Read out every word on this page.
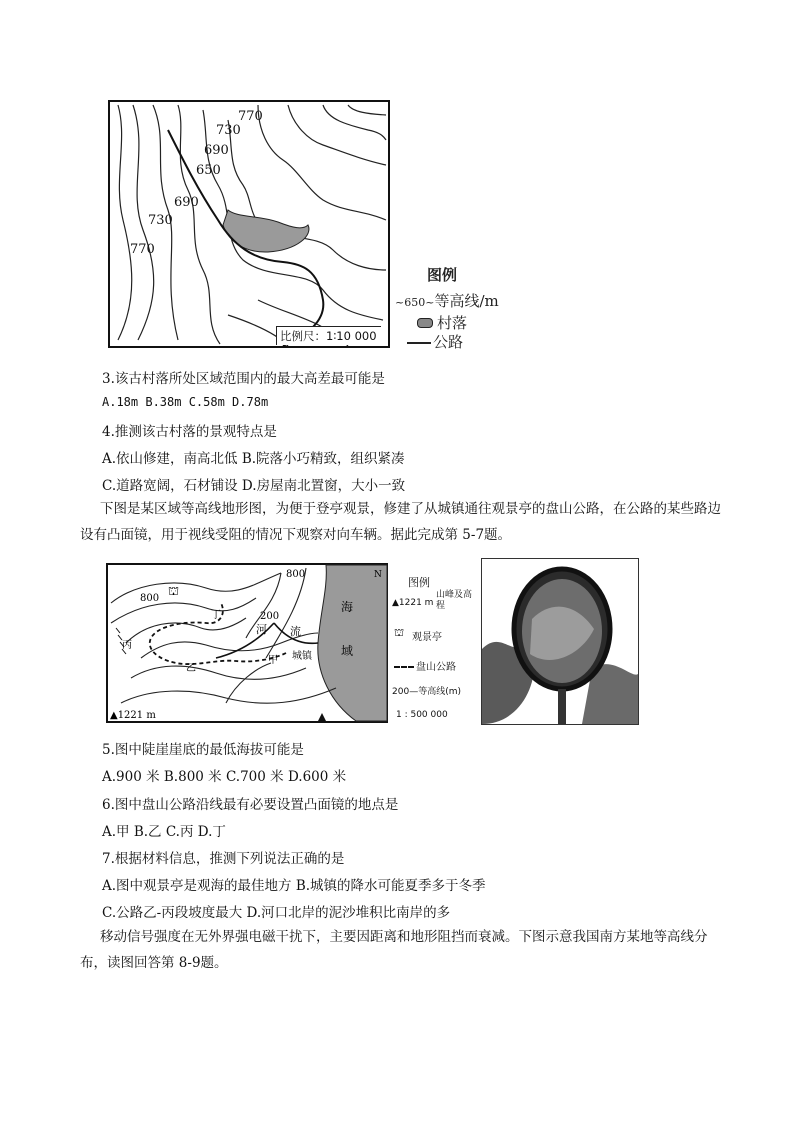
770
730
690
650
690
730
770
比例尺：1∶10 000
图例
~650~等高线/m
村落
公路
3.该古村落所处区域范围内的最大高差最可能是
A.18m B.38m C.58m D.78m
4.推测该古村落的景观特点是
A.依山修建，南高北低 B.院落小巧精致，组织紧凑
C.道路宽阔，石材铺设 D.房屋南北置窗，大小一致
下图是某区域等高线地形图，为便于登亭观景，修建了从城镇通往观景亭的盘山公路，在公路的某些路边设有凸面镜，用于视线受阻的情况下观察对向车辆。据此完成第 5-7题。
800
800
200
⛫
丁
丙
乙
甲
河 流
城镇
海
域
▲1221 m
N
图例
▲1221 m
山峰及高程
⛫ 观景亭
盘山公路
200—等高线(m)
1 : 500 000
5.图中陡崖崖底的最低海拔可能是
A.900 米 B.800 米 C.700 米 D.600 米
6.图中盘山公路沿线最有必要设置凸面镜的地点是
A.甲 B.乙 C.丙 D.丁
7.根据材料信息，推测下列说法正确的是
A.图中观景亭是观海的最佳地方 B.城镇的降水可能夏季多于冬季
C.公路乙-丙段坡度最大 D.河口北岸的泥沙堆积比南岸的多
移动信号强度在无外界强电磁干扰下，主要因距离和地形阻挡而衰减。下图示意我国南方某地等高线分布，读图回答第 8-9题。
